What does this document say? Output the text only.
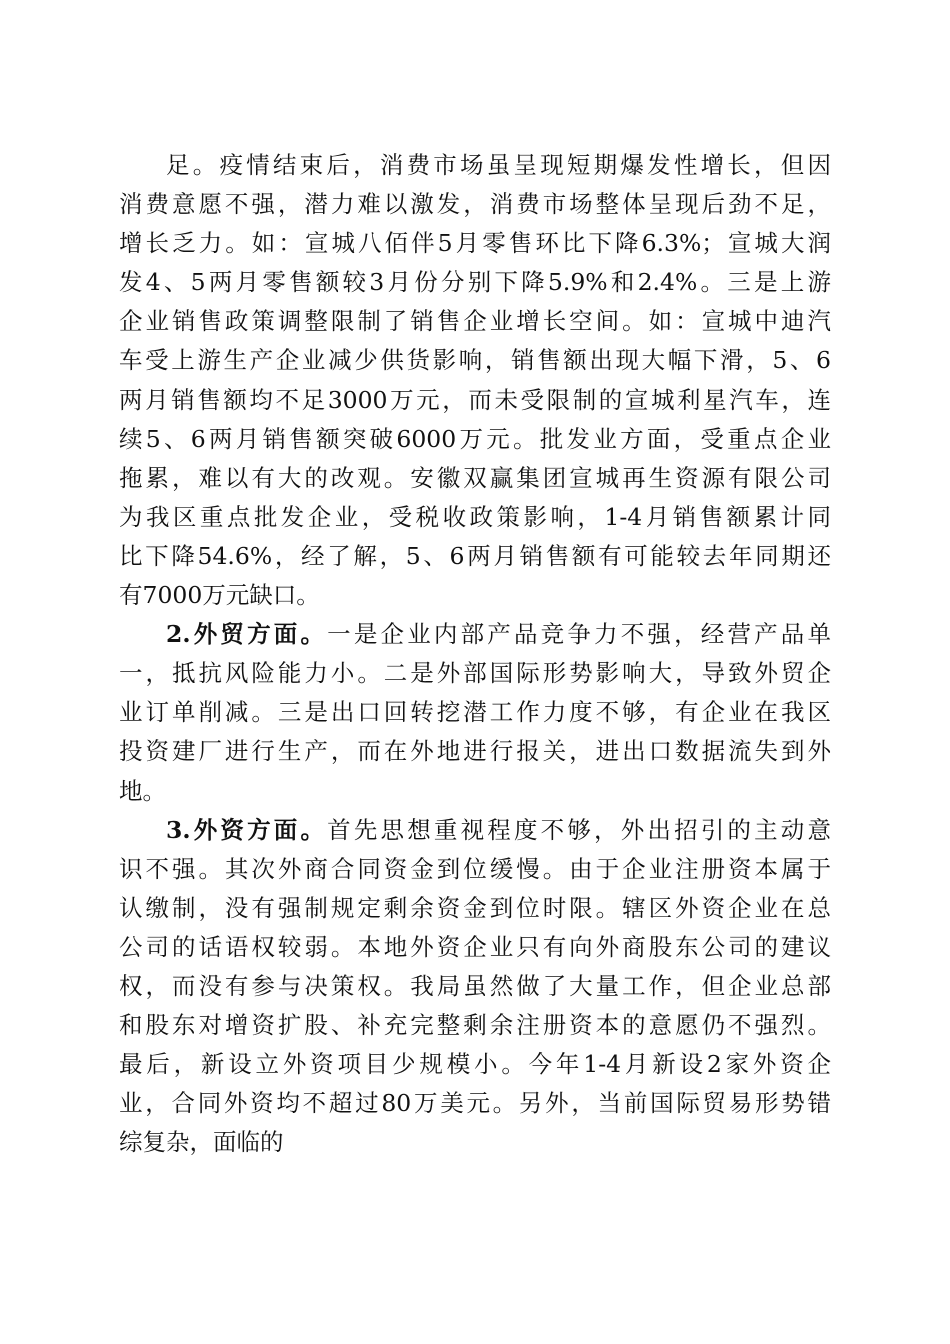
足。疫情结束后，消费市场虽呈现短期爆发性增长，但因
消费意愿不强，潜力难以激发，消费市场整体呈现后劲不足，
增长乏力。如：宣城八佰伴5月零售环比下降6.3%；宣城大润
发4、5两月零售额较3月份分别下降5.9%和2.4%。三是上游
企业销售政策调整限制了销售企业增长空间。如：宣城中迪汽
车受上游生产企业减少供货影响，销售额出现大幅下滑，5、6
两月销售额均不足3000万元，而未受限制的宣城利星汽车，连
续5、6两月销售额突破6000万元。批发业方面，受重点企业
拖累，难以有大的改观。安徽双赢集团宣城再生资源有限公司
为我区重点批发企业，受税收政策影响，1-4月销售额累计同
比下降54.6%，经了解，5、6两月销售额有可能较去年同期还
有7000万元缺口。
2.外贸方面。一是企业内部产品竞争力不强，经营产品单
一，抵抗风险能力小。二是外部国际形势影响大，导致外贸企
业订单削减。三是出口回转挖潜工作力度不够，有企业在我区
投资建厂进行生产，而在外地进行报关，进出口数据流失到外
地。
3.外资方面。首先思想重视程度不够，外出招引的主动意
识不强。其次外商合同资金到位缓慢。由于企业注册资本属于
认缴制，没有强制规定剩余资金到位时限。辖区外资企业在总
公司的话语权较弱。本地外资企业只有向外商股东公司的建议
权，而没有参与决策权。我局虽然做了大量工作，但企业总部
和股东对增资扩股、补充完整剩余注册资本的意愿仍不强烈。
最后，新设立外资项目少规模小。今年1-4月新设2家外资企
业，合同外资均不超过80万美元。另外，当前国际贸易形势错
综复杂，面临的
